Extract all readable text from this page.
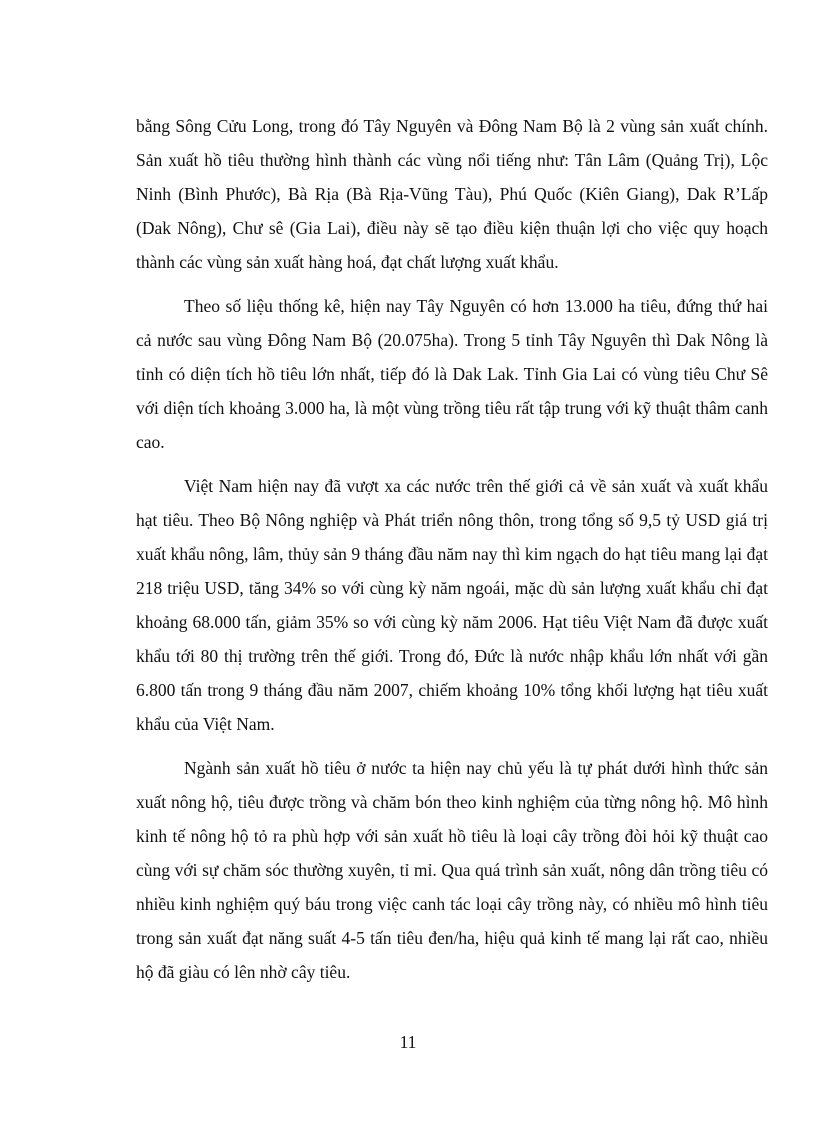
bằng Sông Cửu Long, trong đó Tây Nguyên và Đông Nam Bộ là 2 vùng sản xuất chính. Sản xuất hồ tiêu thường hình thành các vùng nổi tiếng như: Tân Lâm (Quảng Trị), Lộc Ninh (Bình Phước), Bà Rịa (Bà Rịa-Vũng Tàu), Phú Quốc (Kiên Giang), Dak R’Lấp (Dak Nông), Chư sê (Gia Lai), điều này sẽ tạo điều kiện thuận lợi cho việc quy hoạch thành các vùng sản xuất hàng hoá, đạt chất lượng xuất khẩu.

Theo số liệu thống kê, hiện nay Tây Nguyên có hơn 13.000 ha tiêu, đứng thứ hai cả nước sau vùng Đông Nam Bộ (20.075ha). Trong 5 tỉnh Tây Nguyên thì Dak Nông là tỉnh có diện tích hồ tiêu lớn nhất, tiếp đó là Dak Lak. Tỉnh Gia Lai có vùng tiêu Chư Sê với diện tích khoảng 3.000 ha, là một vùng trồng tiêu rất tập trung với kỹ thuật thâm canh cao.

Việt Nam hiện nay đã vượt xa các nước trên thế giới cả về sản xuất và xuất khẩu hạt tiêu. Theo Bộ Nông nghiệp và Phát triển nông thôn, trong tổng số 9,5 tỷ USD giá trị xuất khẩu nông, lâm, thủy sản 9 tháng đầu năm nay thì kim ngạch do hạt tiêu mang lại đạt 218 triệu USD, tăng 34% so với cùng kỳ năm ngoái, mặc dù sản lượng xuất khẩu chỉ đạt khoảng 68.000 tấn, giảm 35% so với cùng kỳ năm 2006. Hạt tiêu Việt Nam đã được xuất khẩu tới 80 thị trường trên thế giới. Trong đó, Đức là nước nhập khẩu lớn nhất với gần 6.800 tấn trong 9 tháng đầu năm 2007, chiếm khoảng 10% tổng khối lượng hạt tiêu xuất khẩu của Việt Nam.

Ngành sản xuất hồ tiêu ở nước ta hiện nay chủ yếu là tự phát dưới hình thức sản xuất nông hộ, tiêu được trồng và chăm bón theo kinh nghiệm của từng nông hộ. Mô hình kinh tế nông hộ tỏ ra phù hợp với sản xuất hồ tiêu là loại cây trồng đòi hỏi kỹ thuật cao cùng với sự chăm sóc thường xuyên, tỉ mỉ. Qua quá trình sản xuất, nông dân trồng tiêu có nhiều kinh nghiệm quý báu trong việc canh tác loại cây trồng này, có nhiều mô hình tiêu trong sản xuất đạt năng suất 4-5 tấn tiêu đen/ha, hiệu quả kinh tế mang lại rất cao, nhiều hộ đã giàu có lên nhờ cây tiêu.

11
